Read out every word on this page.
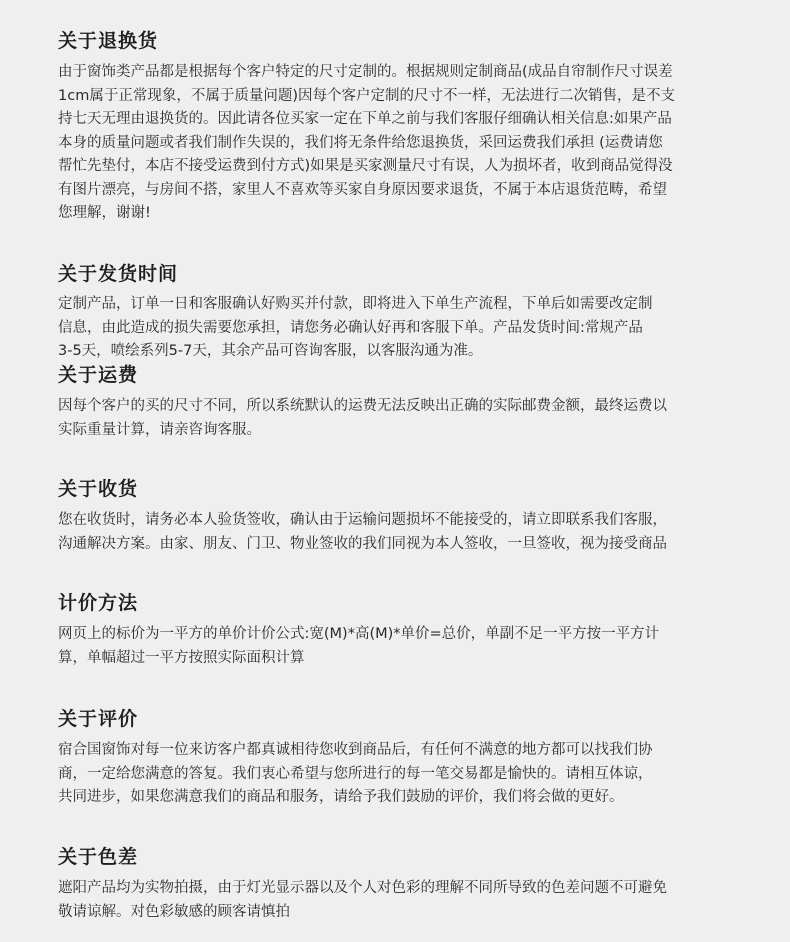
关于退换货
由于窗饰类产品都是根据每个客户特定的尺寸定制的。根据规则定制商品(成品自帘制作尺寸误差
1cm属于正常现象，不属于质量问题)因每个客户定制的尺寸不一样，无法进行二次销售，是不支
持七天无理由退换货的。因此请各位买家一定在下单之前与我们客服仔细确认相关信息:如果产品
本身的质量问题或者我们制作失误的，我们将无条件给您退换货，采回运费我们承担 (运费请您
帮忙先垫付，本店不接受运费到付方式)如果是买家测量尺寸有误，人为损坏者，收到商品觉得没
有图片漂亮，与房间不搭，家里人不喜欢等买家自身原因要求退货，不属于本店退货范畴，希望
您理解，谢谢!
关于发货时间
定制产品，订单一日和客服确认好购买并付款，即将进入下单生产流程，下单后如需要改定制
信息，由此造成的损失需要您承担，请您务必确认好再和客服下单。产品发货时间:常规产品
3-5天，喷绘系列5-7天，其余产品可咨询客服，以客服沟通为准。
关于运费
因每个客户的买的尺寸不同，所以系统默认的运费无法反映出正确的实际邮费金额，最终运费以
实际重量计算，请亲咨询客服。
关于收货
您在收货时，请务必本人验货签收，确认由于运输问题损坏不能接受的，请立即联系我们客服，
沟通解决方案。由家、朋友、门卫、物业签收的我们同视为本人签收，一旦签收，视为接受商品
计价方法
网页上的标价为一平方的单价计价公式:宽(M)*高(M)*单价=总价，单副不足一平方按一平方计
算，单幅超过一平方按照实际面积计算
关于评价
宿合国窗饰对每一位来访客户都真诚相待您收到商品后，有任何不满意的地方都可以找我们协
商，一定给您满意的答复。我们衷心希望与您所进行的每一笔交易都是愉快的。请相互体谅，
共同进步，如果您满意我们的商品和服务，请给予我们鼓励的评价，我们将会做的更好。
关于色差
遮阳产品均为实物拍摄，由于灯光显示器以及个人对色彩的理解不同所导致的色差问题不可避免
敬请谅解。对色彩敏感的顾客请慎拍
